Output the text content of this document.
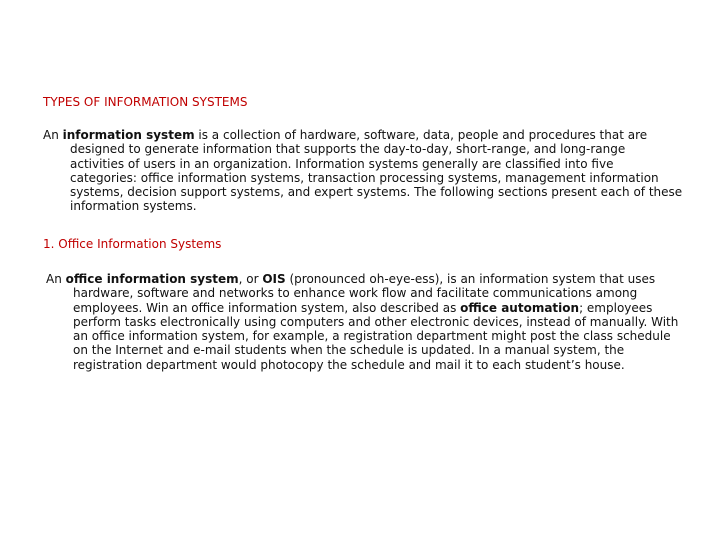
TYPES OF INFORMATION SYSTEMS

An information system is a collection of hardware, software, data, people and procedures that are designed to generate information that supports the day-to-day, short-range, and long-range activities of users in an organization. Information systems generally are classified into five categories: office information systems, transaction processing systems, management information systems, decision support systems, and expert systems. The following sections present each of these information systems.

1. Office Information Systems

An office information system, or OIS (pronounced oh-eye-ess), is an information system that uses hardware, software and networks to enhance work flow and facilitate communications among employees. Win an office information system, also described as office automation; employees perform tasks electronically using computers and other electronic devices, instead of manually. With an office information system, for example, a registration department might post the class schedule on the Internet and e-mail students when the schedule is updated. In a manual system, the registration department would photocopy the schedule and mail it to each student’s house.
